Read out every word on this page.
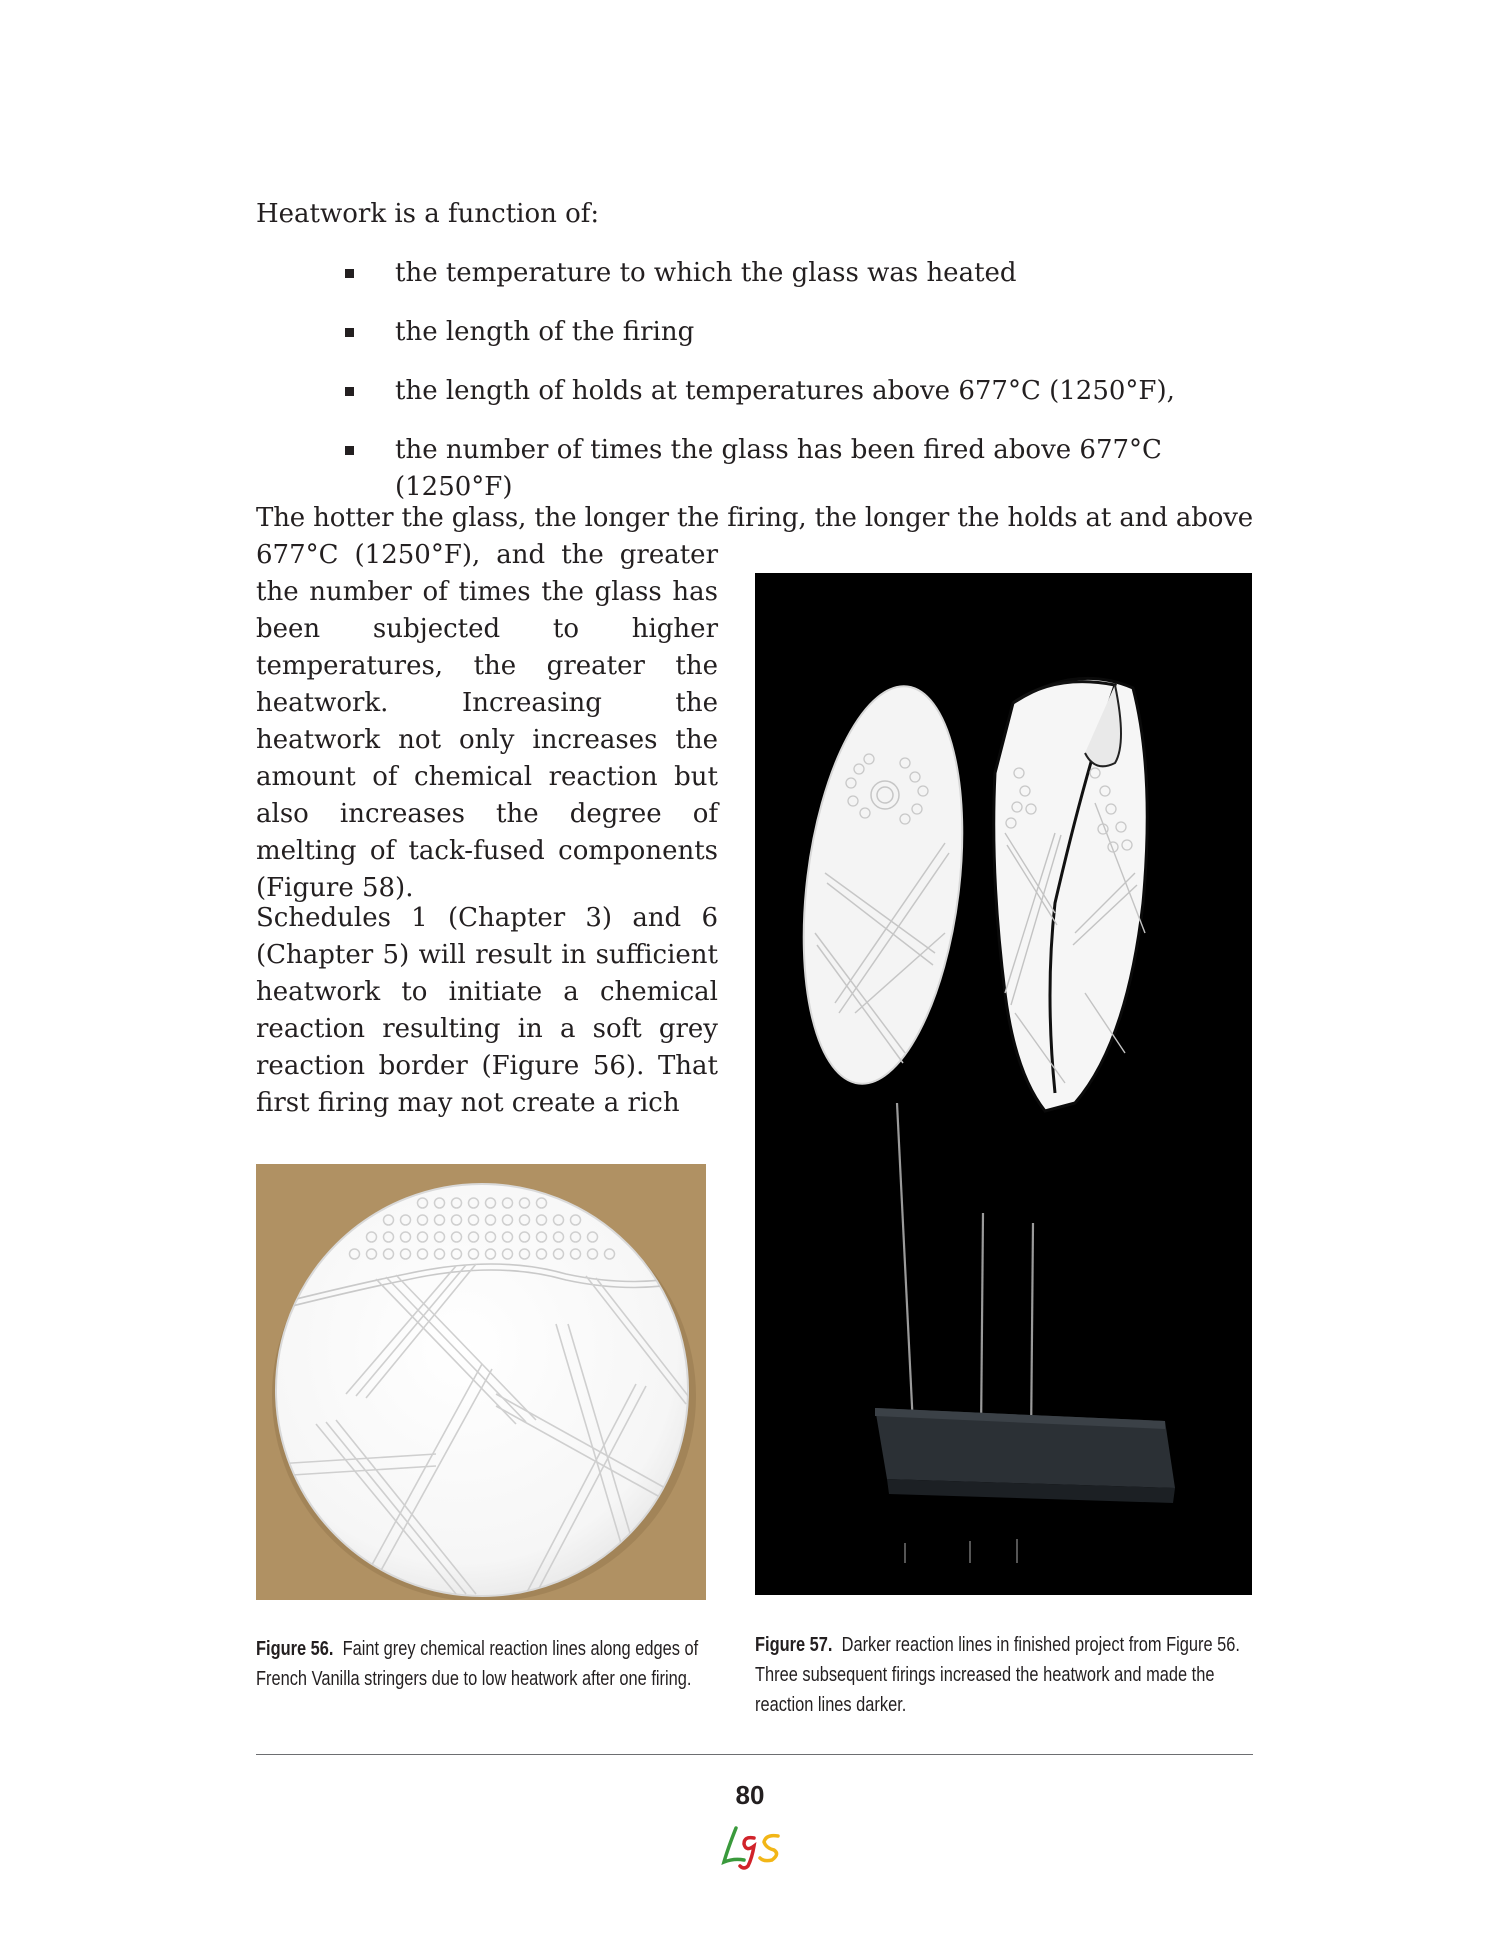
Heatwork is a function of:
the temperature to which the glass was heated
the length of the firing
the length of holds at temperatures above 677°C (1250°F),
the number of times the glass has been fired above 677°C (1250°F)
The hotter the glass, the longer the firing, the longer the holds at and above
677°C (1250°F), and the greater the number of times the glass has been subjected to higher temperatures, the greater the heatwork. Increasing the heatwork not only increases the amount of chemical reaction but also increases the degree of melting of tack-fused components (Figure 58).
Schedules 1 (Chapter 3) and 6 (Chapter 5) will result in sufficient heatwork to initiate a chemical reaction resulting in a soft grey reaction border (Figure 56). That first firing may not create a rich
Figure 56. Faint grey chemical reaction lines along edges of French Vanilla stringers due to low heatwork after one firing.
Figure 57. Darker reaction lines in finished project from Figure 56. Three subsequent firings increased the heatwork and made the reaction lines darker.
80
